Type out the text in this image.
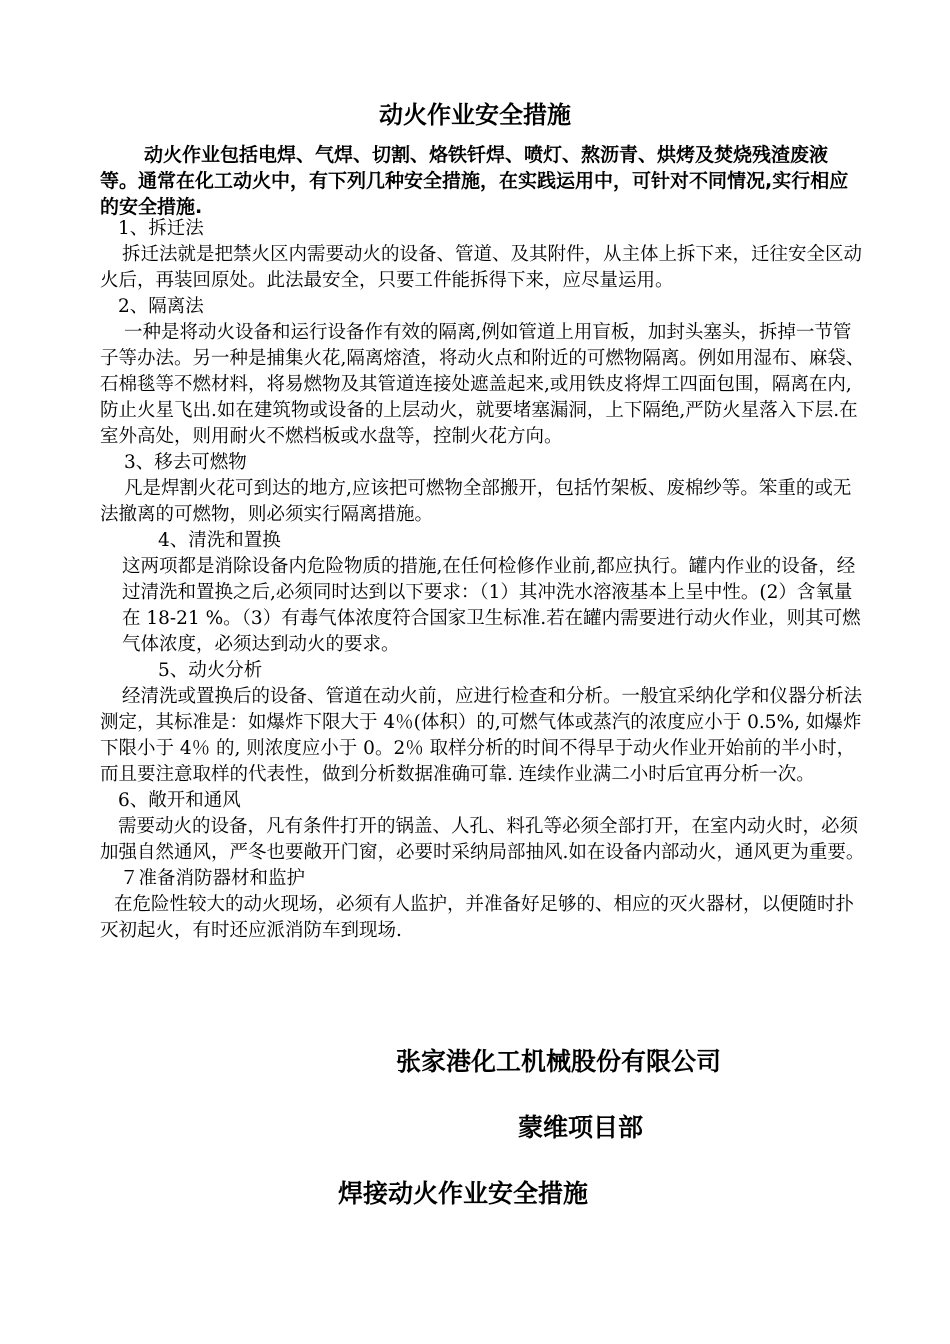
动火作业安全措施
动火作业包括电焊、气焊、切割、烙铁钎焊、喷灯、熬沥青、烘烤及焚烧残渣废液等。通常在化工动火中，有下列几种安全措施，在实践运用中，可针对不同情况,实行相应的安全措施.

1、拆迁法

拆迁法就是把禁火区内需要动火的设备、管道、及其附件，从主体上拆下来，迁往安全区动火后，再装回原处。此法最安全，只要工件能拆得下来，应尽量运用。

2、隔离法

一种是将动火设备和运行设备作有效的隔离,例如管道上用盲板，加封头塞头，拆掉一节管子等办法。另一种是捕集火花,隔离熔渣，将动火点和附近的可燃物隔离。例如用湿布、麻袋、石棉毯等不燃材料，将易燃物及其管道连接处遮盖起来,或用铁皮将焊工四面包围，隔离在内,防止火星飞出.如在建筑物或设备的上层动火，就要堵塞漏洞，上下隔绝,严防火星落入下层.在室外高处，则用耐火不燃档板或水盘等，控制火花方向。

3、移去可燃物

凡是焊割火花可到达的地方,应该把可燃物全部搬开，包括竹架板、废棉纱等。笨重的或无法撤离的可燃物，则必须实行隔离措施。

4、清洗和置换

这两项都是消除设备内危险物质的措施,在任何检修作业前,都应执行。罐内作业的设备，经过清洗和置换之后,必须同时达到以下要求：（1）其冲洗水溶液基本上呈中性。(2）含氧量在 18-21 %。（3）有毒气体浓度符合国家卫生标准.若在罐内需要进行动火作业，则其可燃气体浓度，必须达到动火的要求。

5、动火分析

经清洗或置换后的设备、管道在动火前，应进行检查和分析。一般宜采纳化学和仪器分析法测定，其标准是：如爆炸下限大于 4％(体积）的,可燃气体或蒸汽的浓度应小于 0.5%, 如爆炸下限小于 4％ 的, 则浓度应小于 0。2％ 取样分析的时间不得早于动火作业开始前的半小时，而且要注意取样的代表性，做到分析数据准确可靠. 连续作业满二小时后宜再分析一次。

6、敞开和通风

需要动火的设备，凡有条件打开的锅盖、人孔、料孔等必须全部打开，在室内动火时，必须加强自然通风，严冬也要敞开门窗，必要时采纳局部抽风.如在设备内部动火，通风更为重要。

７准备消防器材和监护

在危险性较大的动火现场，必须有人监护，并准备好足够的、相应的灭火器材，以便随时扑灭初起火，有时还应派消防车到现场.

张家港化工机械股份有限公司
蒙维项目部
焊接动火作业安全措施
